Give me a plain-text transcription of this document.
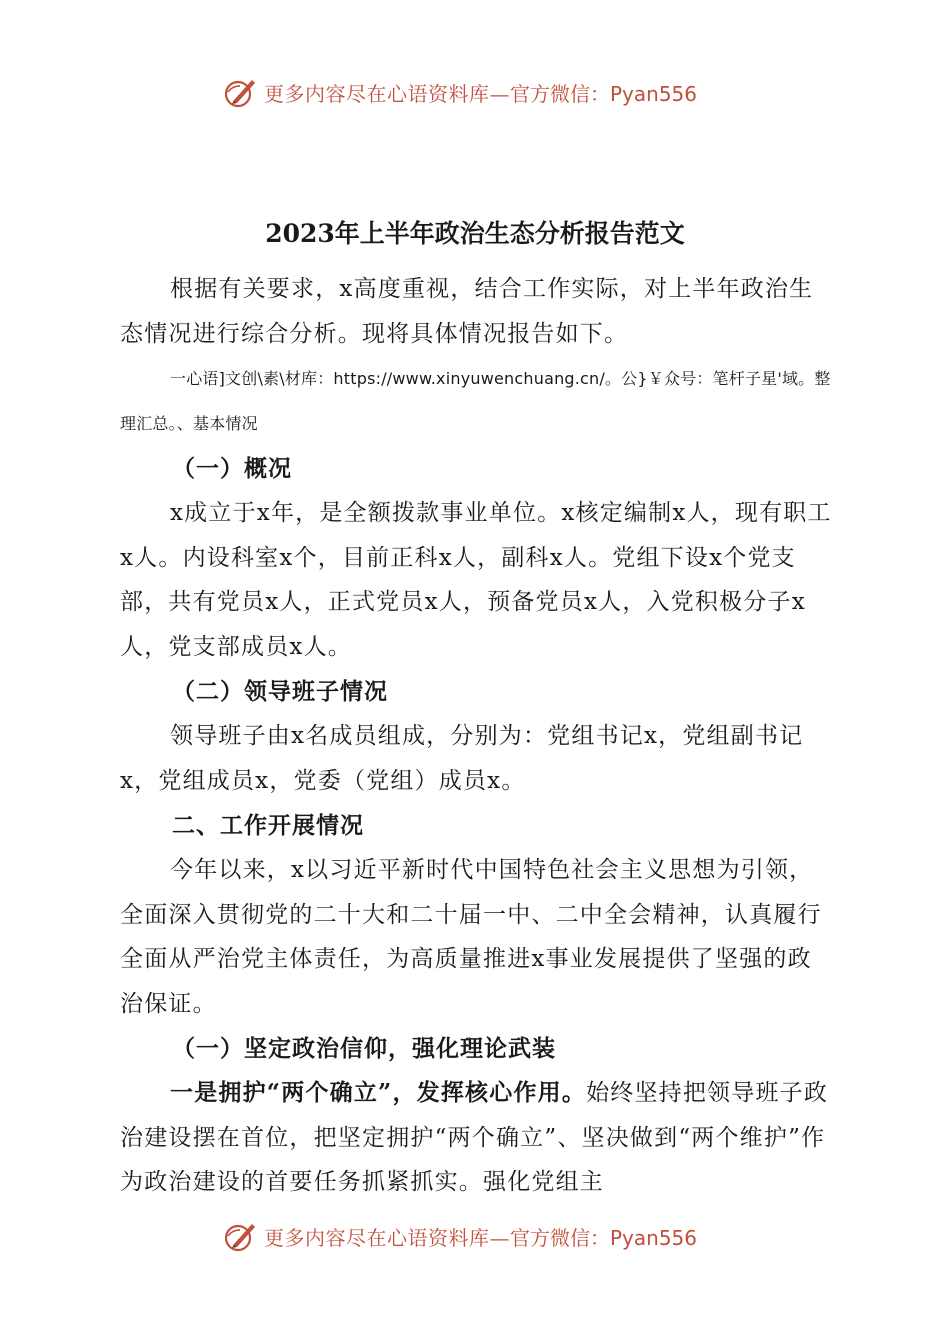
更多内容尽在心语资料库— 官方微信：Pyan556
2023年上半年政治生态分析报告范文

根据有关要求，x高度重视，结合工作实际，对上半年政治生态情况进行综合分析。现将具体情况报告如下。

一心语]文创\素\材库：https://www.xinyuwenchuang.cn/。公}￥众号：笔杆子星'域。整理汇总。、基本情况

（一）概况

x成立于x年，是全额拨款事业单位。x核定编制x人，现有职工x人。内设科室x个，目前正科x人，副科x人。党组下设x个党支部，共有党员x人，正式党员x人，预备党员x人，入党积极分子x人，党支部成员x人。

（二）领导班子情况

领导班子由x名成员组成，分别为：党组书记x，党组副书记x，党组成员x，党委（党组）成员x。

二、工作开展情况

今年以来，x以习近平新时代中国特色社会主义思想为引领，全面深入贯彻党的二十大和二十届一中、二中全会精神，认真履行全面从严治党主体责任，为高质量推进x事业发展提供了坚强的政治保证。

（一）坚定政治信仰，强化理论武装

一是拥护“两个确立”，发挥核心作用。始终坚持把领导班子政治建设摆在首位，把坚定拥护“两个确立”、坚决做到“两个维护”作为政治建设的首要任务抓紧抓实。强化党组主

更多内容尽在心语资料库— 官方微信：Pyan556
